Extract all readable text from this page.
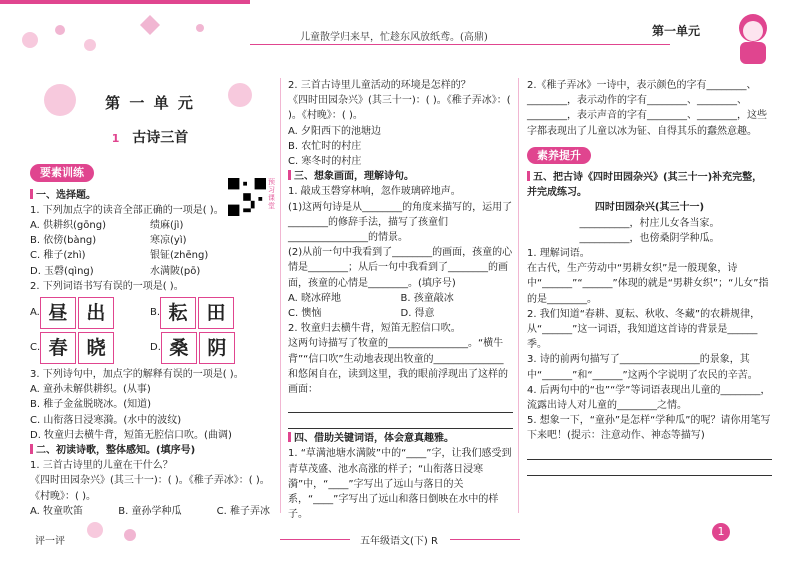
儿童散学归来早，忙趁东风放纸鸢。(高鼎)	第一单元
第 一 单 元
1 古诗三首
要素训练
一、选择题。
1. 下列加点字的读音全部正确的一项是( )。
A. 供耕织(gōng)	绩麻(jì)
B. 依傍(bàng)	寒凉(yì)
C. 稚子(zhì)	银钲(zhēng)
D. 玉磬(qìng)	水满陂(pō)
2. 下列词语书写有误的一项是( )。
A. 昼 出	B. 耘 田
C. 春 晓	D. 桑 阴
3. 下列诗句中，加点字的解释有误的一项是( )。
A. 童孙未解供耕织。(从事)
B. 稚子金盆脱晓冰。(知道)
C. 山衔落日浸寒漪。(水中的波纹)
D. 牧童归去横牛背，短笛无腔信口吹。(曲调)
二、初读诗歌，整体感知。(填序号)
1. 三首古诗里的儿童在干什么？
《四时田园杂兴》(其三十一)：( )。《稚子弄冰》：( )。《村晚》：( )。
A. 牧童吹笛	B. 童孙学种瓜	C. 稚子弄冰
预习课堂
2. 三首古诗里儿童活动的环境是怎样的？
《四时田园杂兴》(其三十一)：( )。《稚子弄冰》：( )。《村晚》：( )。
A. 夕阳西下的池塘边
B. 农忙时的村庄
C. 寒冬时的村庄
三、想象画面，理解诗句。
1. 敲成玉磬穿林响，忽作玻璃碎地声。
(1)这两句诗是从________的角度来描写的，运用了________的修辞手法，描写了孩童们________________的情景。
(2)从前一句中我看到了________的画面，孩童的心情是________；从后一句中我看到了________的画面，孩童的心情是________。(填序号)
A. 晓冰碎地	B. 孩童敲冰
C. 懊恼	D. 得意
2. 牧童归去横牛背，短笛无腔信口吹。
这两句诗描写了牧童的________________。“横牛背”“信口吹”生动地表现出牧童的______________和悠闲自在，读到这里，我的眼前浮现出了这样的画面：
四、借助关键词语，体会意真趣雅。
1. “草满池塘水满陂”中的“____”字，让我们感受到青草茂盛、池水高涨的样子；“山衔落日浸寒漪”中，“____”字写出了远山与落日的关系，“____”字写出了远山和落日倒映在水中的样子。
2.《稚子弄冰》一诗中，表示颜色的字有________、________，表示动作的字有________、________、________，表示声音的字有________、________，这些字都表现出了儿童以冰为钲、自得其乐的蠢然意趣。
素养提升
五、把古诗《四时田园杂兴》(其三十一)补充完整，并完成练习。
四时田园杂兴(其三十一)
__________，村庄儿女各当家。
__________，也傍桑阴学种瓜。
1. 理解词语。
在古代，生产劳动中“男耕女织”是一般现象，诗中“______”“______”体现的就是“男耕女织”；“儿女”指的是________。
2. 我们知道“春耕、夏耘、秋收、冬藏”的农耕规律，从“______”这一词语，我知道这首诗的背景是______季。
3. 诗的前两句描写了________________的景象，其中“______”和“______”这两个字说明了农民的辛苦。
4. 后两句中的“也”“学”等词语表现出儿童的________，流露出诗人对儿童的________之情。
5. 想象一下，“童孙”是怎样“学种瓜”的呢？请你用笔写下来吧！(提示：注意动作、神态等描写)
评一评	五年级语文(下) R
1
